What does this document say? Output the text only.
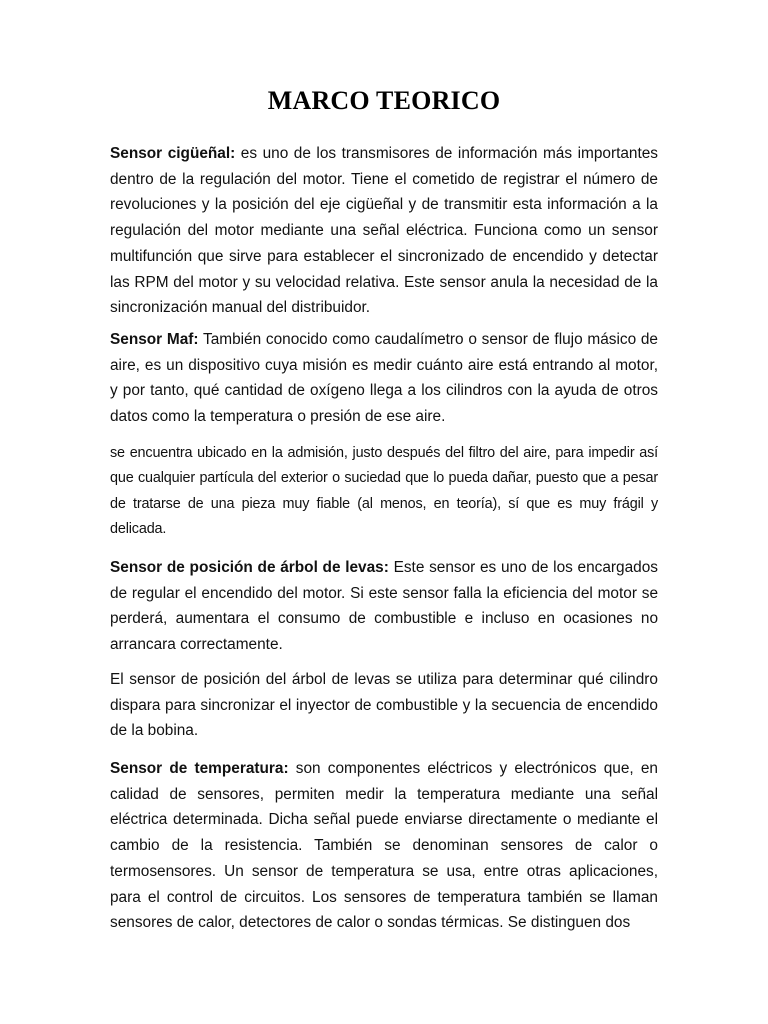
MARCO TEORICO

Sensor cigüeñal: es uno de los transmisores de información más importantes dentro de la regulación del motor. Tiene el cometido de registrar el número de revoluciones y la posición del eje cigüeñal y de transmitir esta información a la regulación del motor mediante una señal eléctrica. Funciona como un sensor multifunción que sirve para establecer el sincronizado de encendido y detectar las RPM del motor y su velocidad relativa. Este sensor anula la necesidad de la sincronización manual del distribuidor.

Sensor Maf: También conocido como caudalímetro o sensor de flujo másico de aire, es un dispositivo cuya misión es medir cuánto aire está entrando al motor, y por tanto, qué cantidad de oxígeno llega a los cilindros con la ayuda de otros datos como la temperatura o presión de ese aire.

se encuentra ubicado en la admisión, justo después del filtro del aire, para impedir así que cualquier partícula del exterior o suciedad que lo pueda dañar, puesto que a pesar de tratarse de una pieza muy fiable (al menos, en teoría), sí que es muy frágil y delicada.

Sensor de posición de árbol de levas: Este sensor es uno de los encargados de regular el encendido del motor. Si este sensor falla la eficiencia del motor se perderá, aumentara el consumo de combustible e incluso en ocasiones no arrancara correctamente.

El sensor de posición del árbol de levas se utiliza para determinar qué cilindro dispara para sincronizar el inyector de combustible y la secuencia de encendido de la bobina.

Sensor de temperatura: son componentes eléctricos y electrónicos que, en calidad de sensores, permiten medir la temperatura mediante una señal eléctrica determinada. Dicha señal puede enviarse directamente o mediante el cambio de la resistencia. También se denominan sensores de calor o termosensores. Un sensor de temperatura se usa, entre otras aplicaciones, para el control de circuitos. Los sensores de temperatura también se llaman sensores de calor, detectores de calor o sondas térmicas. Se distinguen dos
